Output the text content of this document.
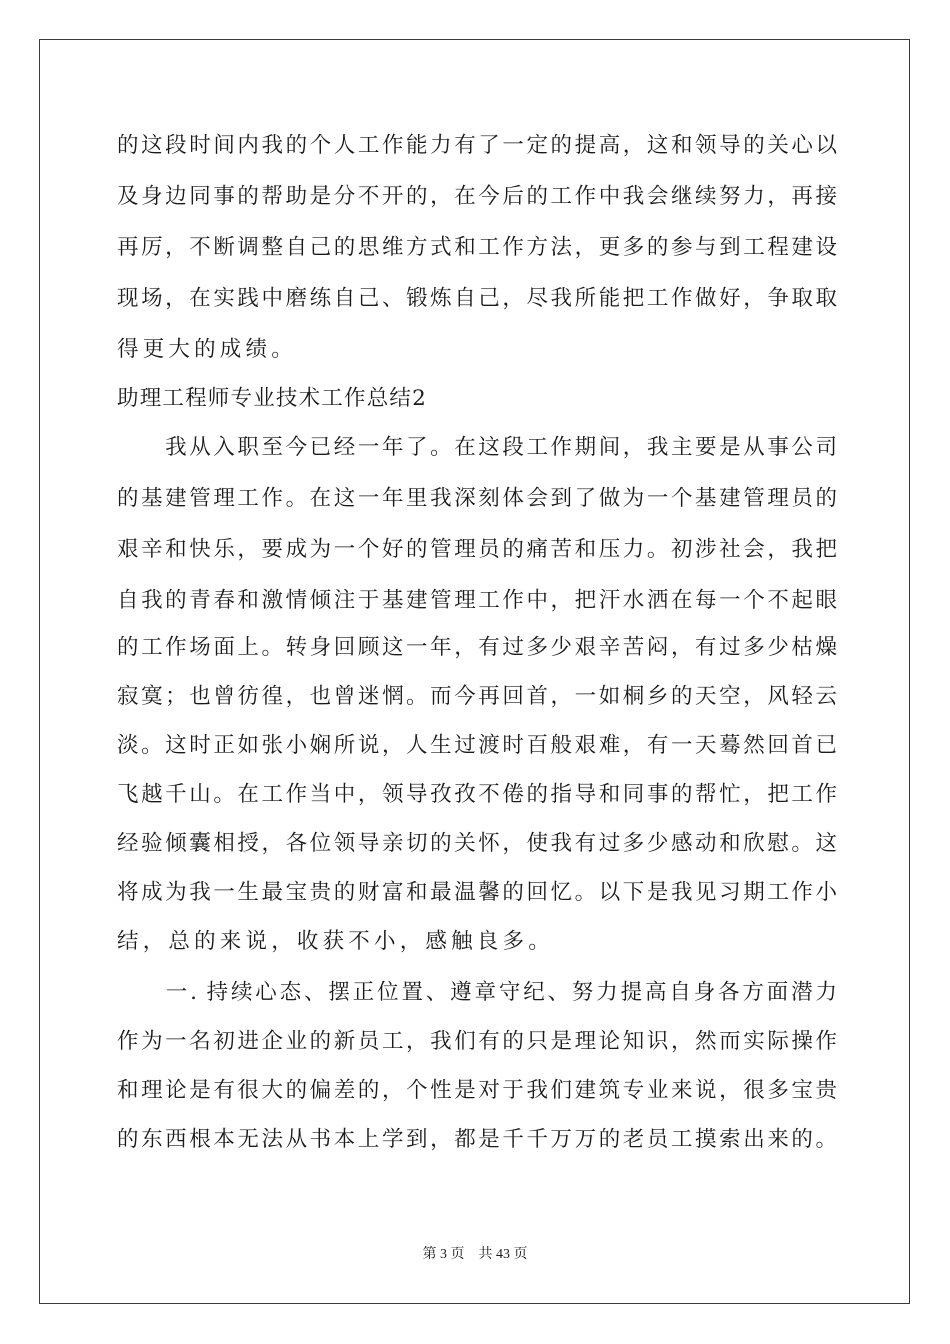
的这段时间内我的个人工作能力有了一定的提高，这和领导的关心以
及身边同事的帮助是分不开的，在今后的工作中我会继续努力，再接
再厉，不断调整自己的思维方式和工作方法，更多的参与到工程建设
现场，在实践中磨练自己、锻炼自己，尽我所能把工作做好，争取取
得更大的成绩。
助理工程师专业技术工作总结2
　　我从入职至今已经一年了。在这段工作期间，我主要是从事公司
的基建管理工作。在这一年里我深刻体会到了做为一个基建管理员的
艰辛和快乐，要成为一个好的管理员的痛苦和压力。初涉社会，我把
自我的青春和激情倾注于基建管理工作中，把汗水洒在每一个不起眼
的工作场面上。转身回顾这一年，有过多少艰辛苦闷，有过多少枯燥
寂寞；也曾彷徨，也曾迷惘。而今再回首，一如桐乡的天空，风轻云
淡。这时正如张小娴所说，人生过渡时百般艰难，有一天蓦然回首已
飞越千山。在工作当中，领导孜孜不倦的指导和同事的帮忙，把工作
经验倾囊相授，各位领导亲切的关怀，使我有过多少感动和欣慰。这
将成为我一生最宝贵的财富和最温馨的回忆。以下是我见习期工作小
结，总的来说，收获不小，感触良多。
　　一. 持续心态、摆正位置、遵章守纪、努力提高自身各方面潜力
作为一名初进企业的新员工，我们有的只是理论知识，然而实际操作
和理论是有很大的偏差的，个性是对于我们建筑专业来说，很多宝贵
的东西根本无法从书本上学到，都是千千万万的老员工摸索出来的。
第 3 页 共 43 页
